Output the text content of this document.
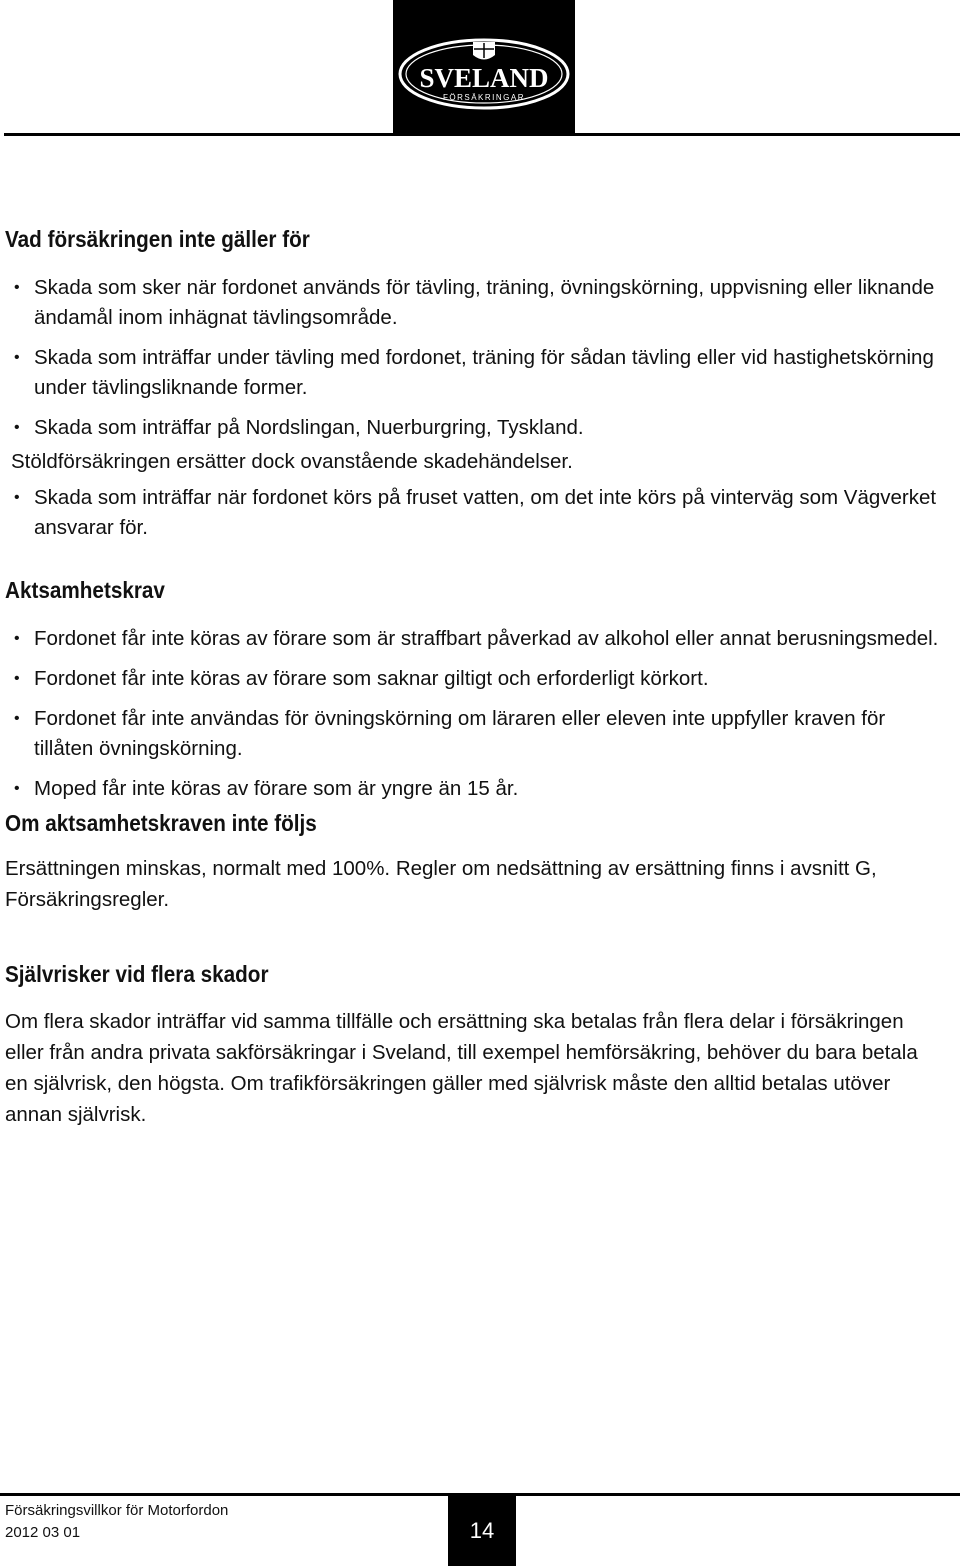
SVELAND
FÖRSÄKRINGAR
Vad försäkringen inte gäller för
• Skada som sker när fordonet används för tävling, träning, övningskörning, uppvisning eller liknande ändamål inom inhägnat tävlingsområde.
• Skada som inträffar under tävling med fordonet, träning för sådan tävling eller vid hastighetskörning under tävlingsliknande former.
• Skada som inträffar på Nordslingan, Nuerburgring, Tyskland.

Stöldförsäkringen ersätter dock ovanstående skadehändelser.

• Skada som inträffar när fordonet körs på fruset vatten, om det inte körs på vinterväg som Vägverket ansvarar för.
Aktsamhetskrav
• Fordonet får inte köras av förare som är straffbart påverkad av alkohol eller annat berusningsmedel.
• Fordonet får inte köras av förare som saknar giltigt och erforderligt körkort.
• Fordonet får inte användas för övningskörning om läraren eller eleven inte uppfyller kraven för tillåten övningskörning.
• Moped får inte köras av förare som är yngre än 15 år.
Om aktsamhetskraven inte följs

Ersättningen minskas, normalt med 100%. Regler om nedsättning av ersättning finns i avsnitt G, Försäkringsregler.

Självrisker vid flera skador

Om flera skador inträffar vid samma tillfälle och ersättning ska betalas från flera delar i försäkringen eller från andra privata sakförsäkringar i Sveland, till exempel hemförsäkring, behöver du bara betala en självrisk, den högsta. Om trafikförsäkringen gäller med självrisk måste den alltid betalas utöver annan självrisk.

Försäkringsvillkor för Motorfordon
2012 03 01	14
